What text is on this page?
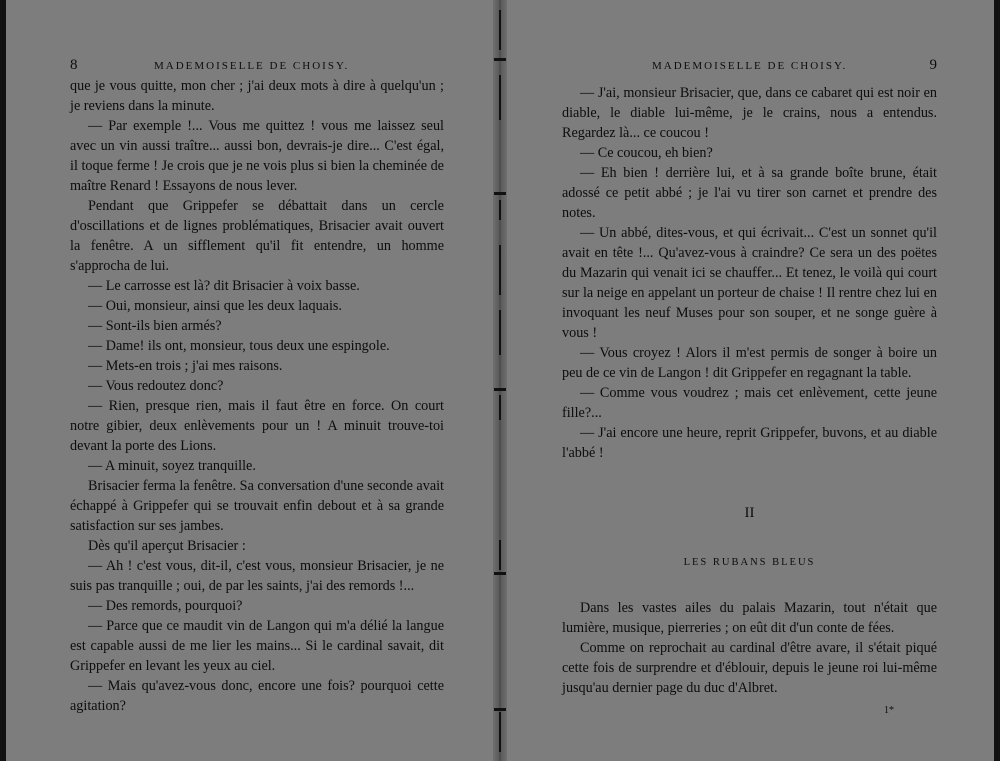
8	MADEMOISELLE DE CHOISY.

que je vous quitte, mon cher ; j'ai deux mots à dire à quelqu'un ; je reviens dans la minute.

— Par exemple !... Vous me quittez ! vous me laissez seul avec un vin aussi traître... aussi bon, devrais-je dire... C'est égal, il toque ferme ! Je crois que je ne vois plus si bien la cheminée de maître Renard ! Essayons de nous lever.

Pendant que Grippefer se débattait dans un cercle d'oscillations et de lignes problématiques, Brisacier avait ouvert la fenêtre. A un sifflement qu'il fit entendre, un homme s'approcha de lui.

— Le carrosse est là? dit Brisacier à voix basse.

— Oui, monsieur, ainsi que les deux laquais.

— Sont-ils bien armés?

— Dame! ils ont, monsieur, tous deux une espingole.

— Mets-en trois ; j'ai mes raisons.

— Vous redoutez donc?

— Rien, presque rien, mais il faut être en force. On court notre gibier, deux enlèvements pour un ! A minuit trouve-toi devant la porte des Lions.

— A minuit, soyez tranquille.

Brisacier ferma la fenêtre. Sa conversation d'une seconde avait échappé à Grippefer qui se trouvait enfin debout et à sa grande satisfaction sur ses jambes.

Dès qu'il aperçut Brisacier :

— Ah ! c'est vous, dit-il, c'est vous, monsieur Brisacier, je ne suis pas tranquille ; oui, de par les saints, j'ai des remords !...

— Des remords, pourquoi?

— Parce que ce maudit vin de Langon qui m'a délié la langue est capable aussi de me lier les mains... Si le cardinal savait, dit Grippefer en levant les yeux au ciel.

— Mais qu'avez-vous donc, encore une fois? pourquoi cette agitation?

MADEMOISELLE DE CHOISY.	9

— J'ai, monsieur Brisacier, que, dans ce cabaret qui est noir en diable, le diable lui-même, je le crains, nous a entendus. Regardez là... ce coucou !

— Ce coucou, eh bien?

— Eh bien ! derrière lui, et à sa grande boîte brune, était adossé ce petit abbé ; je l'ai vu tirer son carnet et prendre des notes.

— Un abbé, dites-vous, et qui écrivait... C'est un sonnet qu'il avait en tête !... Qu'avez-vous à craindre? Ce sera un des poëtes du Mazarin qui venait ici se chauffer... Et tenez, le voilà qui court sur la neige en appelant un porteur de chaise ! Il rentre chez lui en invoquant les neuf Muses pour son souper, et ne songe guère à vous !

— Vous croyez ! Alors il m'est permis de songer à boire un peu de ce vin de Langon ! dit Grippefer en regagnant la table.

— Comme vous voudrez ; mais cet enlèvement, cette jeune fille?...

— J'ai encore une heure, reprit Grippefer, buvons, et au diable l'abbé !

II
LES RUBANS BLEUS

Dans les vastes ailes du palais Mazarin, tout n'était que lumière, musique, pierreries ; on eût dit d'un conte de fées.

Comme on reprochait au cardinal d'être avare, il s'était piqué cette fois de surprendre et d'éblouir, depuis le jeune roi lui-même jusqu'au dernier page du duc d'Albret.

1*
